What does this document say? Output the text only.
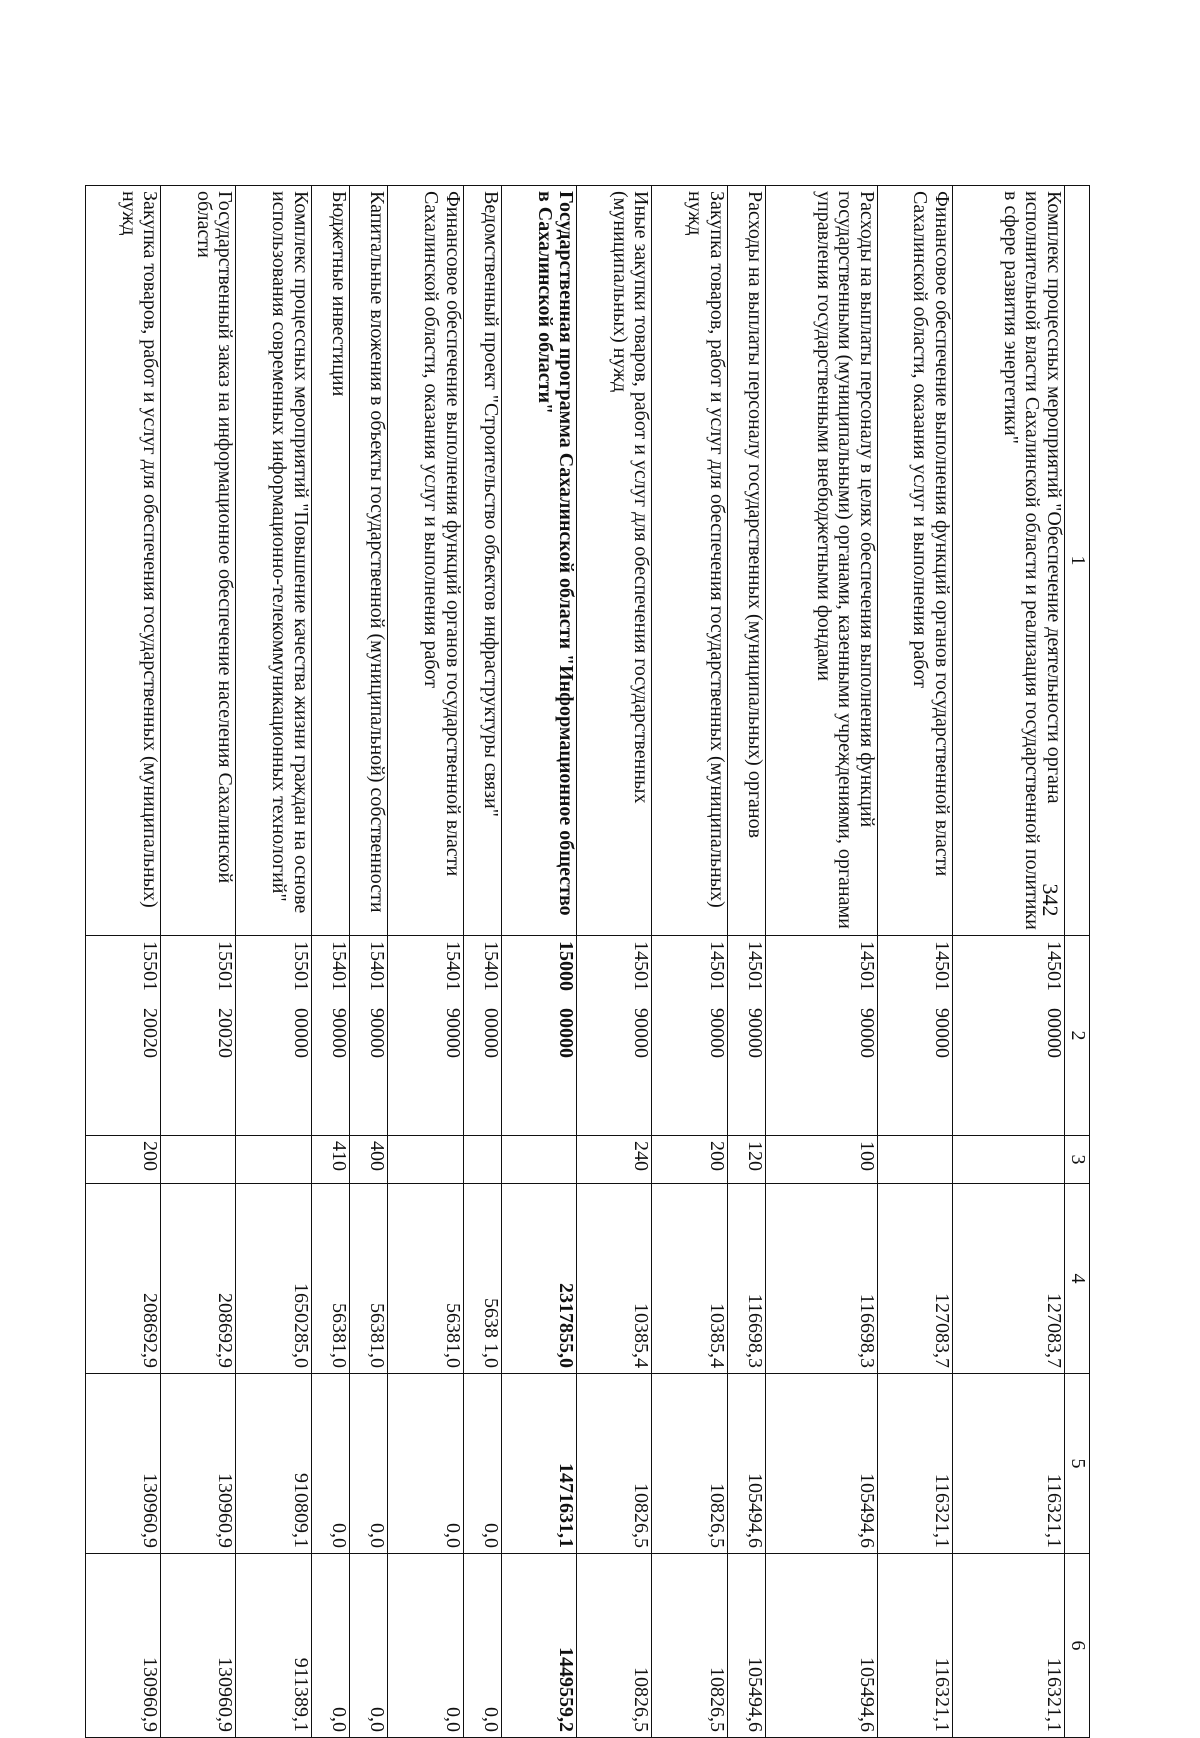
342
1	2	3	4	5	6
Комплекс процессных мероприятий "Обеспечение деятельности органа исполнительной власти Сахалинской области и реализация государственной политики в сфере развития энергетики"	14501 00000		127083,7	116321,1	116321,1
Финансовое обеспечение выполнения функций органов государственной власти Сахалинской области, оказания услуг и выполнения работ	14501 90000		127083,7	116321,1	116321,1
Расходы на выплаты персоналу в целях обеспечения выполнения функций государственными (муниципальными) органами, казенными учреждениями, органами управления государственными внебюджетными фондами	14501 90000	100	116698,3	105494,6	105494,6
Расходы на выплаты персоналу государственных (муниципальных) органов	14501 90000	120	116698,3	105494,6	105494,6
Закупка товаров, работ и услуг для обеспечения государственных (муниципальных) нужд	14501 90000	200	10385,4	10826,5	10826,5
Иные закупки товаров, работ и услуг для обеспечения государственных (муниципальных) нужд	14501 90000	240	10385,4	10826,5	10826,5
Государственная программа Сахалинской области "Информационное общество в Сахалинской области"	15000 00000		2317855,0	1471631,1	1449559,2
Ведомственный проект "Строительство объектов инфраструктуры связи"	15401 00000		5638 1,0	0,0	0,0
Финансовое обеспечение выполнения функций органов государственной власти Сахалинской области, оказания услуг и выполнения работ	15401 90000		56381,0	0,0	0,0
Капитальные вложения в объекты государственной (муниципальной) собственности	15401 90000	400	56381,0	0,0	0,0
Бюджетные инвестиции	15401 90000	410	56381,0	0,0	0,0
Комплекс процессных мероприятий "Повышение качества жизни граждан на основе использования современных информационно-телекоммуникационных технологий"	15501 00000		1650285,0	910809,1	911389,1
Государственный заказ на информационное обеспечение населения Сахалинской области	15501 20020		208692,9	130960,9	130960,9
Закупка товаров, работ и услуг для обеспечения государственных (муниципальных) нужд	15501 20020	200	208692,9	130960,9	130960,9
